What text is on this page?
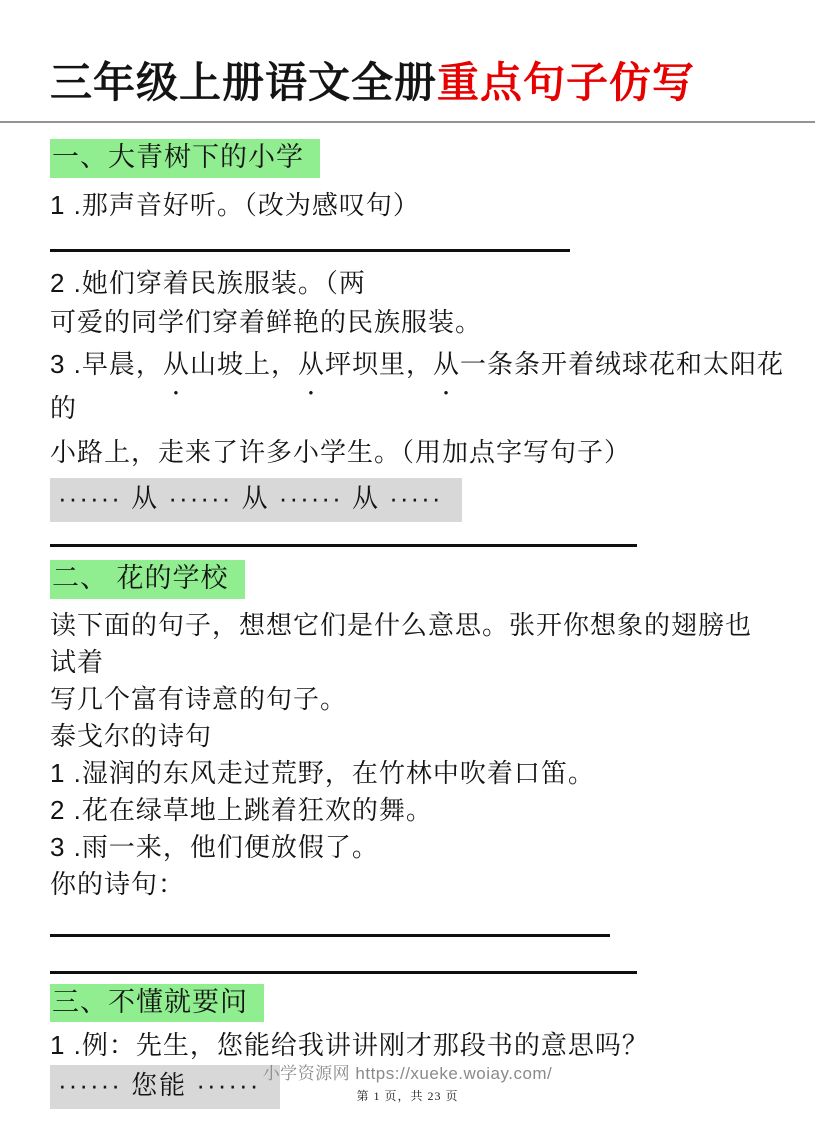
三年级上册语文全册重点句子仿写
一、大青树下的小学
1 .那声音好听。（改为感叹句）
2 .她们穿着民族服装。（两
可爱的同学们穿着鲜艳的民族服装。
3 .早晨，从山坡上，从坪坝里，从一条条开着绒球花和太阳花的
小路上，走来了许多小学生。（用加点字写句子）
······ 从 ······ 从 ······ 从 ·····
二、 花的学校
读下面的句子，想想它们是什么意思。张开你想象的翅膀也试着
写几个富有诗意的句子。
泰戈尔的诗句
1 .湿润的东风走过荒野，在竹林中吹着口笛。
2 .花在绿草地上跳着狂欢的舞。
3 .雨一来，他们便放假了。
你的诗句：
三、不懂就要问
1 .例：先生，您能给我讲讲刚才那段书的意思吗？
······ 您能 ······ 小学资源网 https://xueke.woiay.com/
第 1 页，共 23 页
